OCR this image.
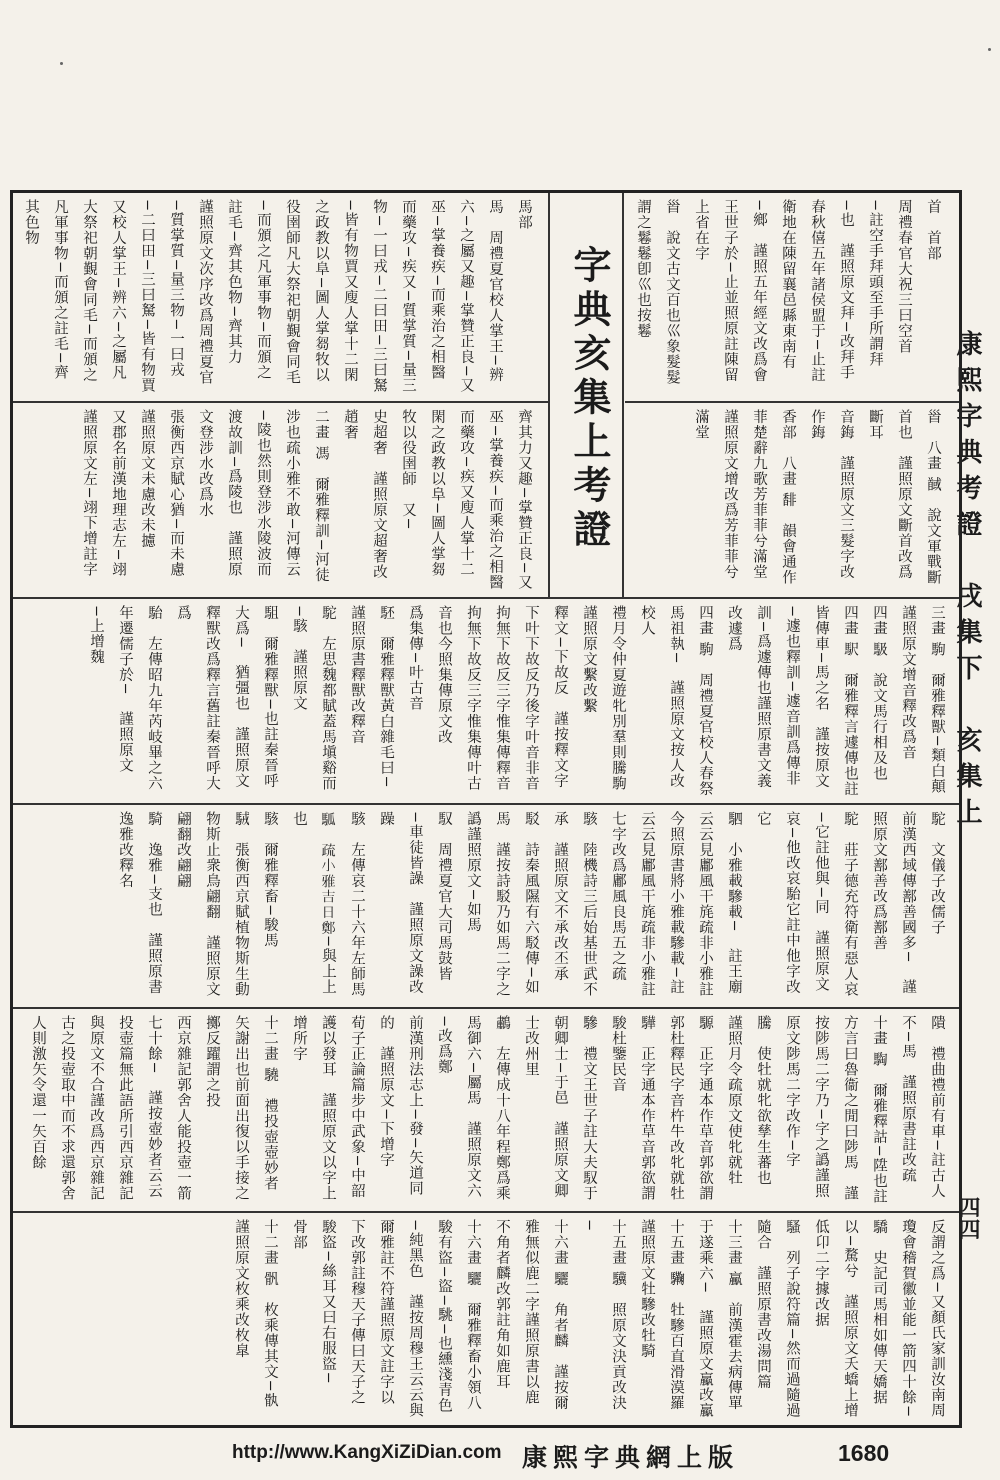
康熙字典考證　戌集下　亥集上
四四
首　首部
周禮春官大祝三曰空首
−註空手拜頭至手所謂拜−也　謹照原文拜−改拜手
春秋僖五年諸侯盟于−止註衛地在陳留襄邑縣東南有−鄉　謹照五年經文改爲會王世子於−止並照原註陳留上省在字
𩠐　說文古文百也巛象髮髮謂之鬈鬈卽巛也按鬈
𩠐　八畫 馘　說文軍戰斷首也　謹照原文斷首改爲斷耳
音鋂　謹照原文三髮字改作鋂
香部　八畫 馡　韻會通作菲楚辭九歌芳菲菲兮滿堂　謹照原文增改爲芳菲菲兮滿堂
字典亥集上考證
馬部
馬　周禮夏官校人掌王−辨六−之屬又趣−掌贊正良−又巫−掌養疾−而乘治之相醫而藥攻−疾又−質掌質−量三物−一曰戎−二曰田−三曰駑−皆有物賈又廋人掌十二閑之政教以阜−圖人掌芻牧以役圉師凡大祭祀朝覲會同毛−而頒之凡軍事物−而頒之註毛−齊其色物−齊其力　謹照原文次序改爲周禮夏官−質掌質−量三物−一曰戎−二曰田−三曰駑−皆有物賈又校人掌王−辨六−之屬凡大祭祀朝覲會同毛−而頒之凡軍事物−而頒之註毛−齊其色物
齊其力又趣−掌贊正良−又巫−掌養疾−而乘治之相醫而藥攻−疾又廋人掌十二閑之政教以阜−圖人掌芻牧以役圉師　又−
史超奢　謹照原文超奢改趙奢
二畫 馮　爾雅釋訓−河徒涉也疏小雅不敢−河傳云−陵也然則登涉水陵波而渡故訓−爲陵也　謹照原文登涉水改爲水
張衡西京賦心猶−而未慮　謹照原文未慮改未攄
又郡名前漢地理志左−翊　謹照原文左−翊下增註字
三畫 駒　爾雅釋獸−類白顛　謹照原文增音釋改爲音
四畫 馺　說文馬行相及也
四畫 駅　爾雅釋言遽傳也註皆傳車−馬之名　謹按原文−遽也釋訓−遽音訓爲傳非訓−爲遽傳也謹照原書文義改遽爲
四畫 駒　周禮夏官校人春祭馬祖執−　謹照原文按人改校人
禮月令仲夏遊牝別羣則騰駒　謹照原文繫改繫
釋文−下故反　謹按釋文字下叶下故反乃後字叶音非音拘無下故反三字惟集傳釋音拘無下故反三字惟集傳叶古音也今照集傳原文改
爲集傳−叶古音
駓　爾雅釋獸黃白雜毛曰−　謹照原書釋獸改釋音
駝　左思魏都賦蓋馬塡谿而−駭　謹照原文
駔　爾雅釋獸−也註秦晉呼大爲−　猶彊也　謹照原文釋獸改爲釋言舊註秦晉呼大爲
駘　左傳昭九年芮岐畢之六年遷儒子於−　謹照原文−上增魏
駝　文儀子改儒子
前漢西域傳鄯善國多−　謹照原文鄯善改爲鄯善
駝　莊子德充符衛有惡人哀−它註他與−同　謹照原文哀−他改哀駘它註中他字改它
駟　小雅載驂載−　註王廟云云見鄘風干旄疏非小雅註今照原書將小雅載驂載−註
云云見鄘風干旄疏非小雅註七字改爲鄘風良馬五之疏
駭　陸機詩三后始基世武不承　謹照原文不承改丕承
駁　詩秦風隰有六駁傳−如馬　謹按詩駁乃如馬二字之譌謹照原文−如馬
馭　周禮夏官大司馬鼓皆−車徒皆譟　謹照原文譟改躁
駭　左傳哀二十六年左師馬
𩢍　疏小雅吉日鄭−與上上也
駭　爾雅釋畜−駿馬
駥　張衡西京賦植物斯生動物斯止衆鳥翩翻　謹照原文翩翻改翩翩
騎　逸雅−支也　謹照原書逸雅改釋名
隤　禮曲禮前有車−註古人不−馬　謹照原書註改疏
十畫 騊　爾雅釋詁−陞也註方言曰魯衞之閒曰陟馬　謹按陟馬二字乃−字之譌謹照原文陟馬二字改作−字
騰　使牡就牝欲孳生蕃也　謹照月令疏原文使牝就牡
騵　正字通本作草音郭欲謂郭杜釋民字音杵牛改牝就牡
驊　正字通本作草音郭欲謂駿杜鑒民音
驂　禮文王世子註大夫馭于朝卿士−于邑　謹照原文卿士改州里
鷫　左傳成十八年程鄭爲乘馬御六−屬馬　謹照原文六−改爲鄭
前漢刑法志上−發−矢道同的　謹照原文−下增字
荀子正論篇步中武象−中韶護以發耳　謹照原文以字上增所字
十二畫 驍　禮投壺壺妙者矢謝出也前面出復以手接之擲反躍謂之投
西京雜記郭舍人能投壺一箭七十餘−　謹按壺妙者云云投壺篇無此語所引西京雜記與原文不合謹改爲西京雜記古之投壺取中而不求還郭舍人則激矢令還一矢百餘
反謂之爲−又顏氏家訓汝南周瓊會稽賀徽並能一箭四十餘−
驕　史記司馬相如傳天嬌据以−騖兮　謹照原文夭蟜上增低卬二字據改据
騷　列子說符篇−然而過隨過隨合　謹照原書改湯問篇
十三畫 驘　前漢霍去病傳單于遂乘六−　謹照原文驘改驘
十五畫 驧　牡驂百直滑漠羅　謹照原文牡驂改牡騎
十五畫 驥　照原文決貢改決−
十六畫 驪　角者麟　謹按爾雅無似鹿二字謹照原書以鹿不角者麟改郭註角如鹿耳
十六畫 驪　爾雅釋畜小領八駿有盜−盜−駣−也纁淺青色−純黑色　謹按周穆王云云與爾雅註不符謹照原文註字以下改郭註穆天子傳曰天子之駿盜−絲耳又曰右服盜−
骨部
十二畫 骪　枚乘傳其文−骫　謹照原文枚乘改枚皐
http://www.KangXiZiDian.com 康熙字典網上版	1680
